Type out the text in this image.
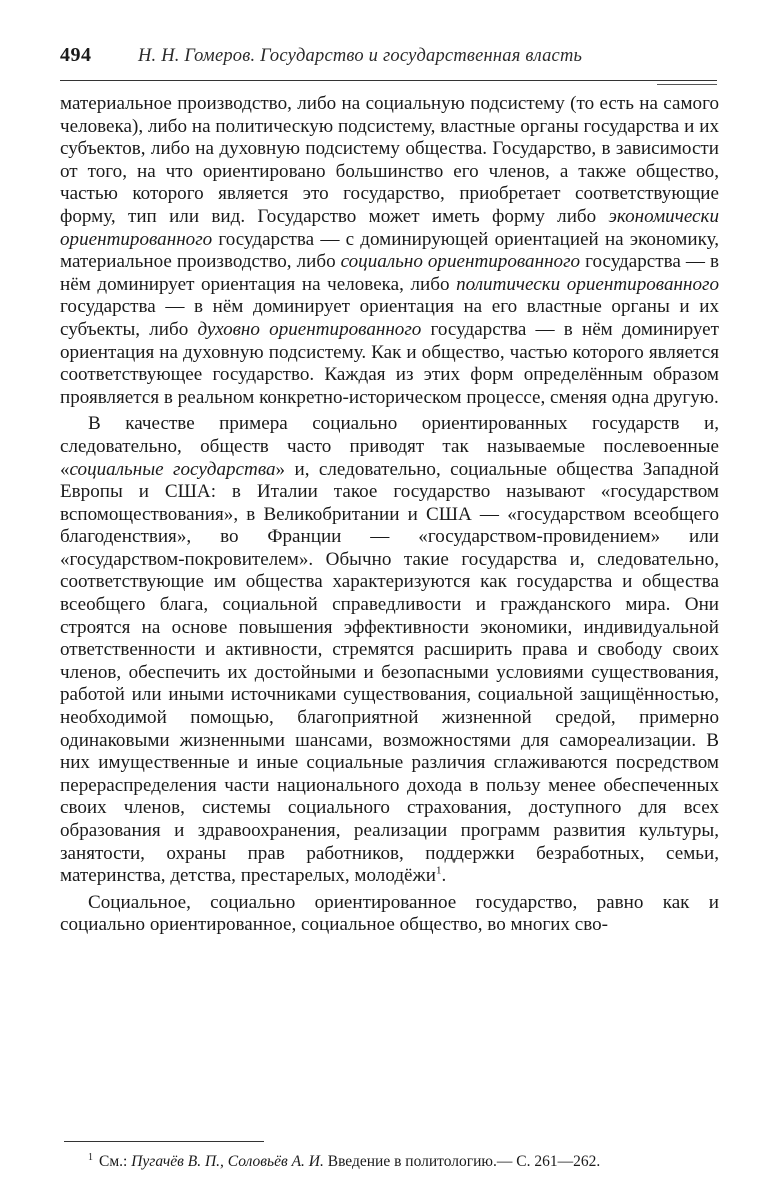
494	Н. Н. Гомеров. Государство и государственная власть

материальное производство, либо на социальную подсистему (то есть на самого человека), либо на политическую подсистему, властные органы государства и их субъектов, либо на духовную подсистему общества. Государство, в зависимости от того, на что ориентировано большинство его членов, а также общество, частью которого является это государство, приобретает соответствующие форму, тип или вид. Государство может иметь форму либо экономически ориентированного государства — с доминирующей ориентацией на экономику, материальное производство, либо социально ориентированного государства — в нём доминирует ориентация на человека, либо политически ориентированного государства — в нём доминирует ориентация на его властные органы и их субъекты, либо духовно ориентированного государства — в нём доминирует ориентация на духовную подсистему. Как и общество, частью которого является соответствующее государство. Каждая из этих форм определённым образом проявляется в реальном конкретно-историческом процессе, сменяя одна другую.

В качестве примера социально ориентированных государств и, следовательно, обществ часто приводят так называемые послевоенные «социальные государства» и, следовательно, социальные общества Западной Европы и США: в Италии такое государство называют «государством вспомоществования», в Великобритании и США — «государством всеобщего благоденствия», во Франции — «государством-провидением» или «государством-покровителем». Обычно такие государства и, следовательно, соответствующие им общества характеризуются как государства и общества всеобщего блага, социальной справедливости и гражданского мира. Они строятся на основе повышения эффективности экономики, индивидуальной ответственности и активности, стремятся расширить права и свободу своих членов, обеспечить их достойными и безопасными условиями существования, работой или иными источниками существования, социальной защищённостью, необходимой помощью, благоприятной жизненной средой, примерно одинаковыми жизненными шансами, возможностями для самореализации. В них имущественные и иные социальные различия сглаживаются посредством перераспределения части национального дохода в пользу менее обеспеченных своих членов, системы социального страхования, доступного для всех образования и здравоохранения, реализации программ развития культуры, занятости, охраны прав работников, поддержки безработных, семьи, материнства, детства, престарелых, молодёжи$^1$.

Социальное, социально ориентированное государство, равно как и социально ориентированное, социальное общество, во многих сво-

$^1$ См.: Пугачёв В. П., Соловьёв А. И. Введение в политологию.— С. 261—262.
